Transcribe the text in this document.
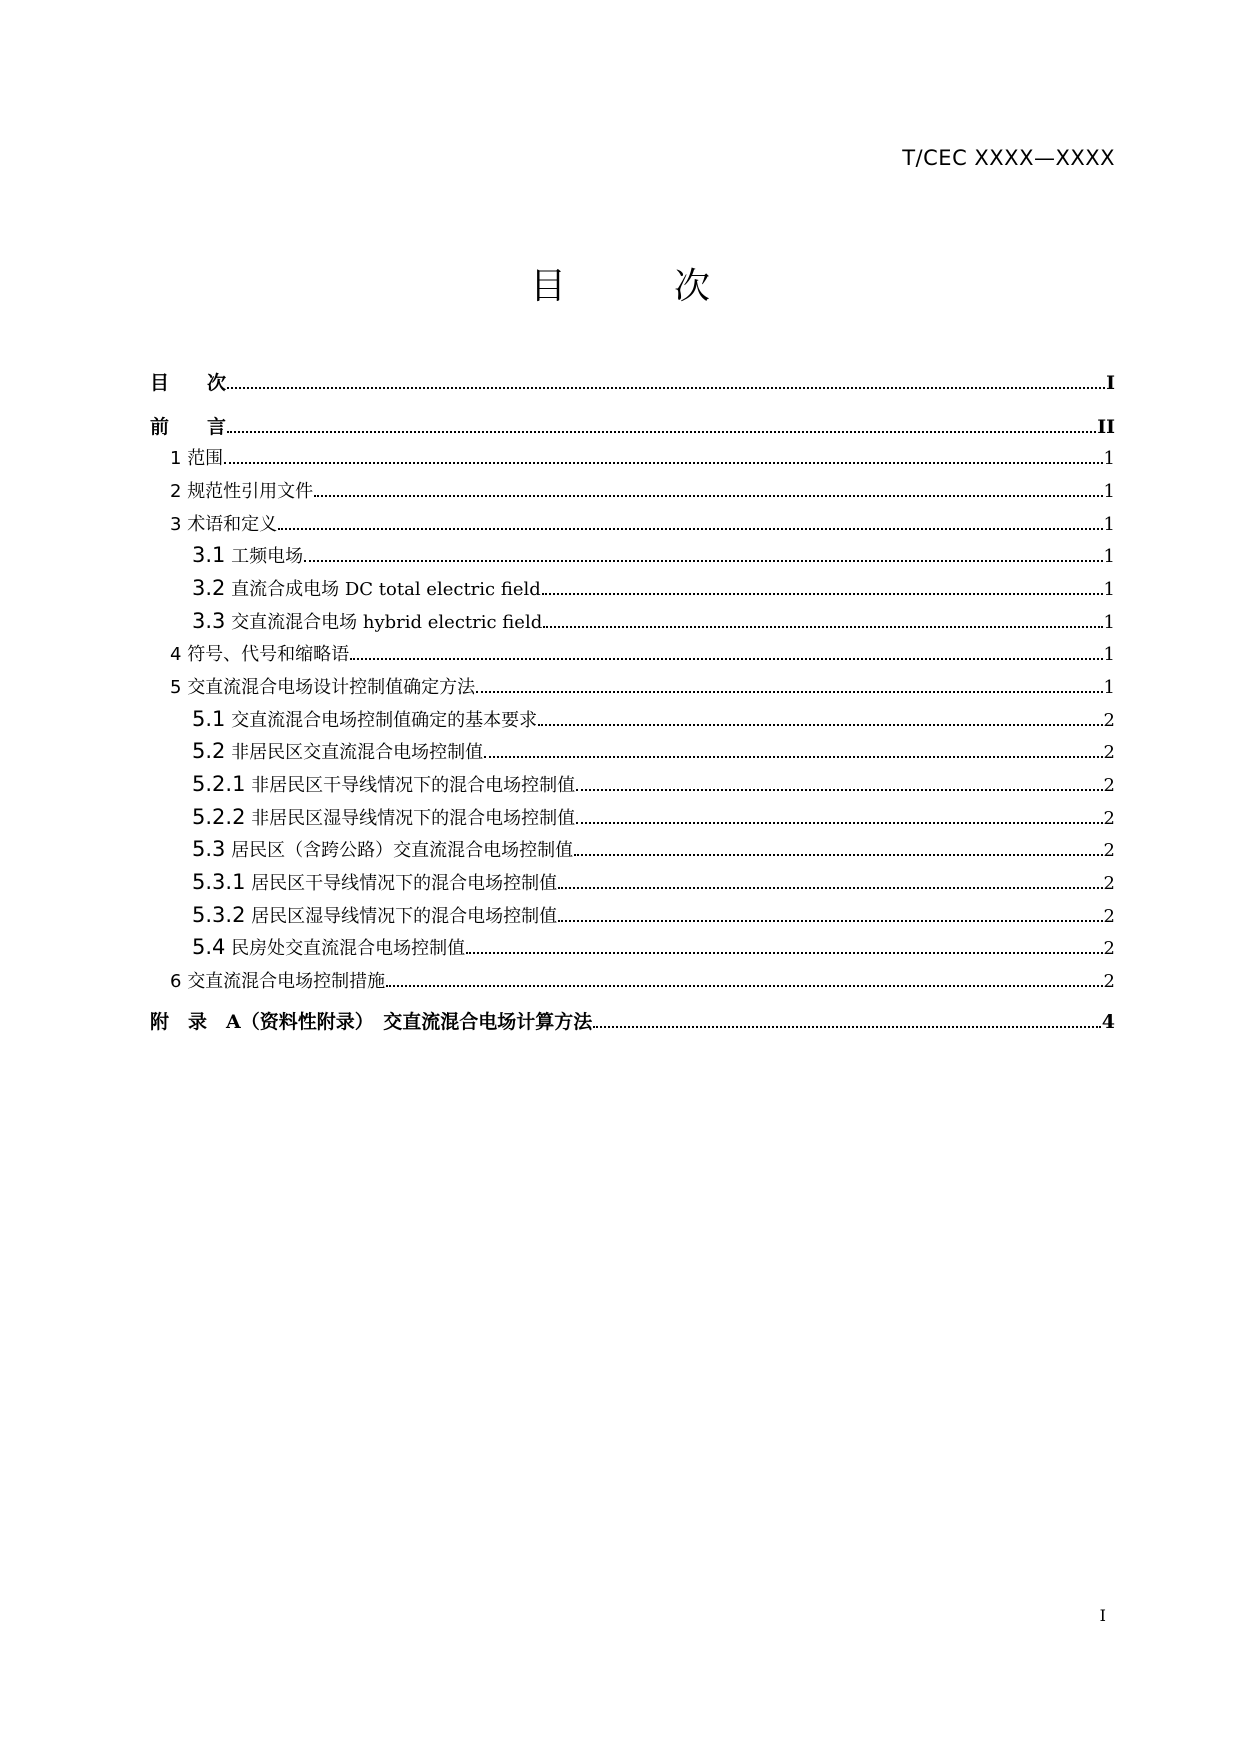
T/CEC XXXX—XXXX
目　次
目　　次	I
前　　言	II
1 范围	1
2 规范性引用文件	1
3 术语和定义	1
3.1 工频电场	1
3.2 直流合成电场 DC total electric field	1
3.3 交直流混合电场 hybrid electric field	1
4 符号、代号和缩略语	1
5 交直流混合电场设计控制值确定方法	1
5.1 交直流混合电场控制值确定的基本要求	2
5.2 非居民区交直流混合电场控制值	2
5.2.1 非居民区干导线情况下的混合电场控制值	2
5.2.2 非居民区湿导线情况下的混合电场控制值	2
5.3 居民区（含跨公路）交直流混合电场控制值	2
5.3.1 居民区干导线情况下的混合电场控制值	2
5.3.2 居民区湿导线情况下的混合电场控制值	2
5.4 民房处交直流混合电场控制值	2
6 交直流混合电场控制措施	2
附　录　A（资料性附录）　交直流混合电场计算方法	4
I
